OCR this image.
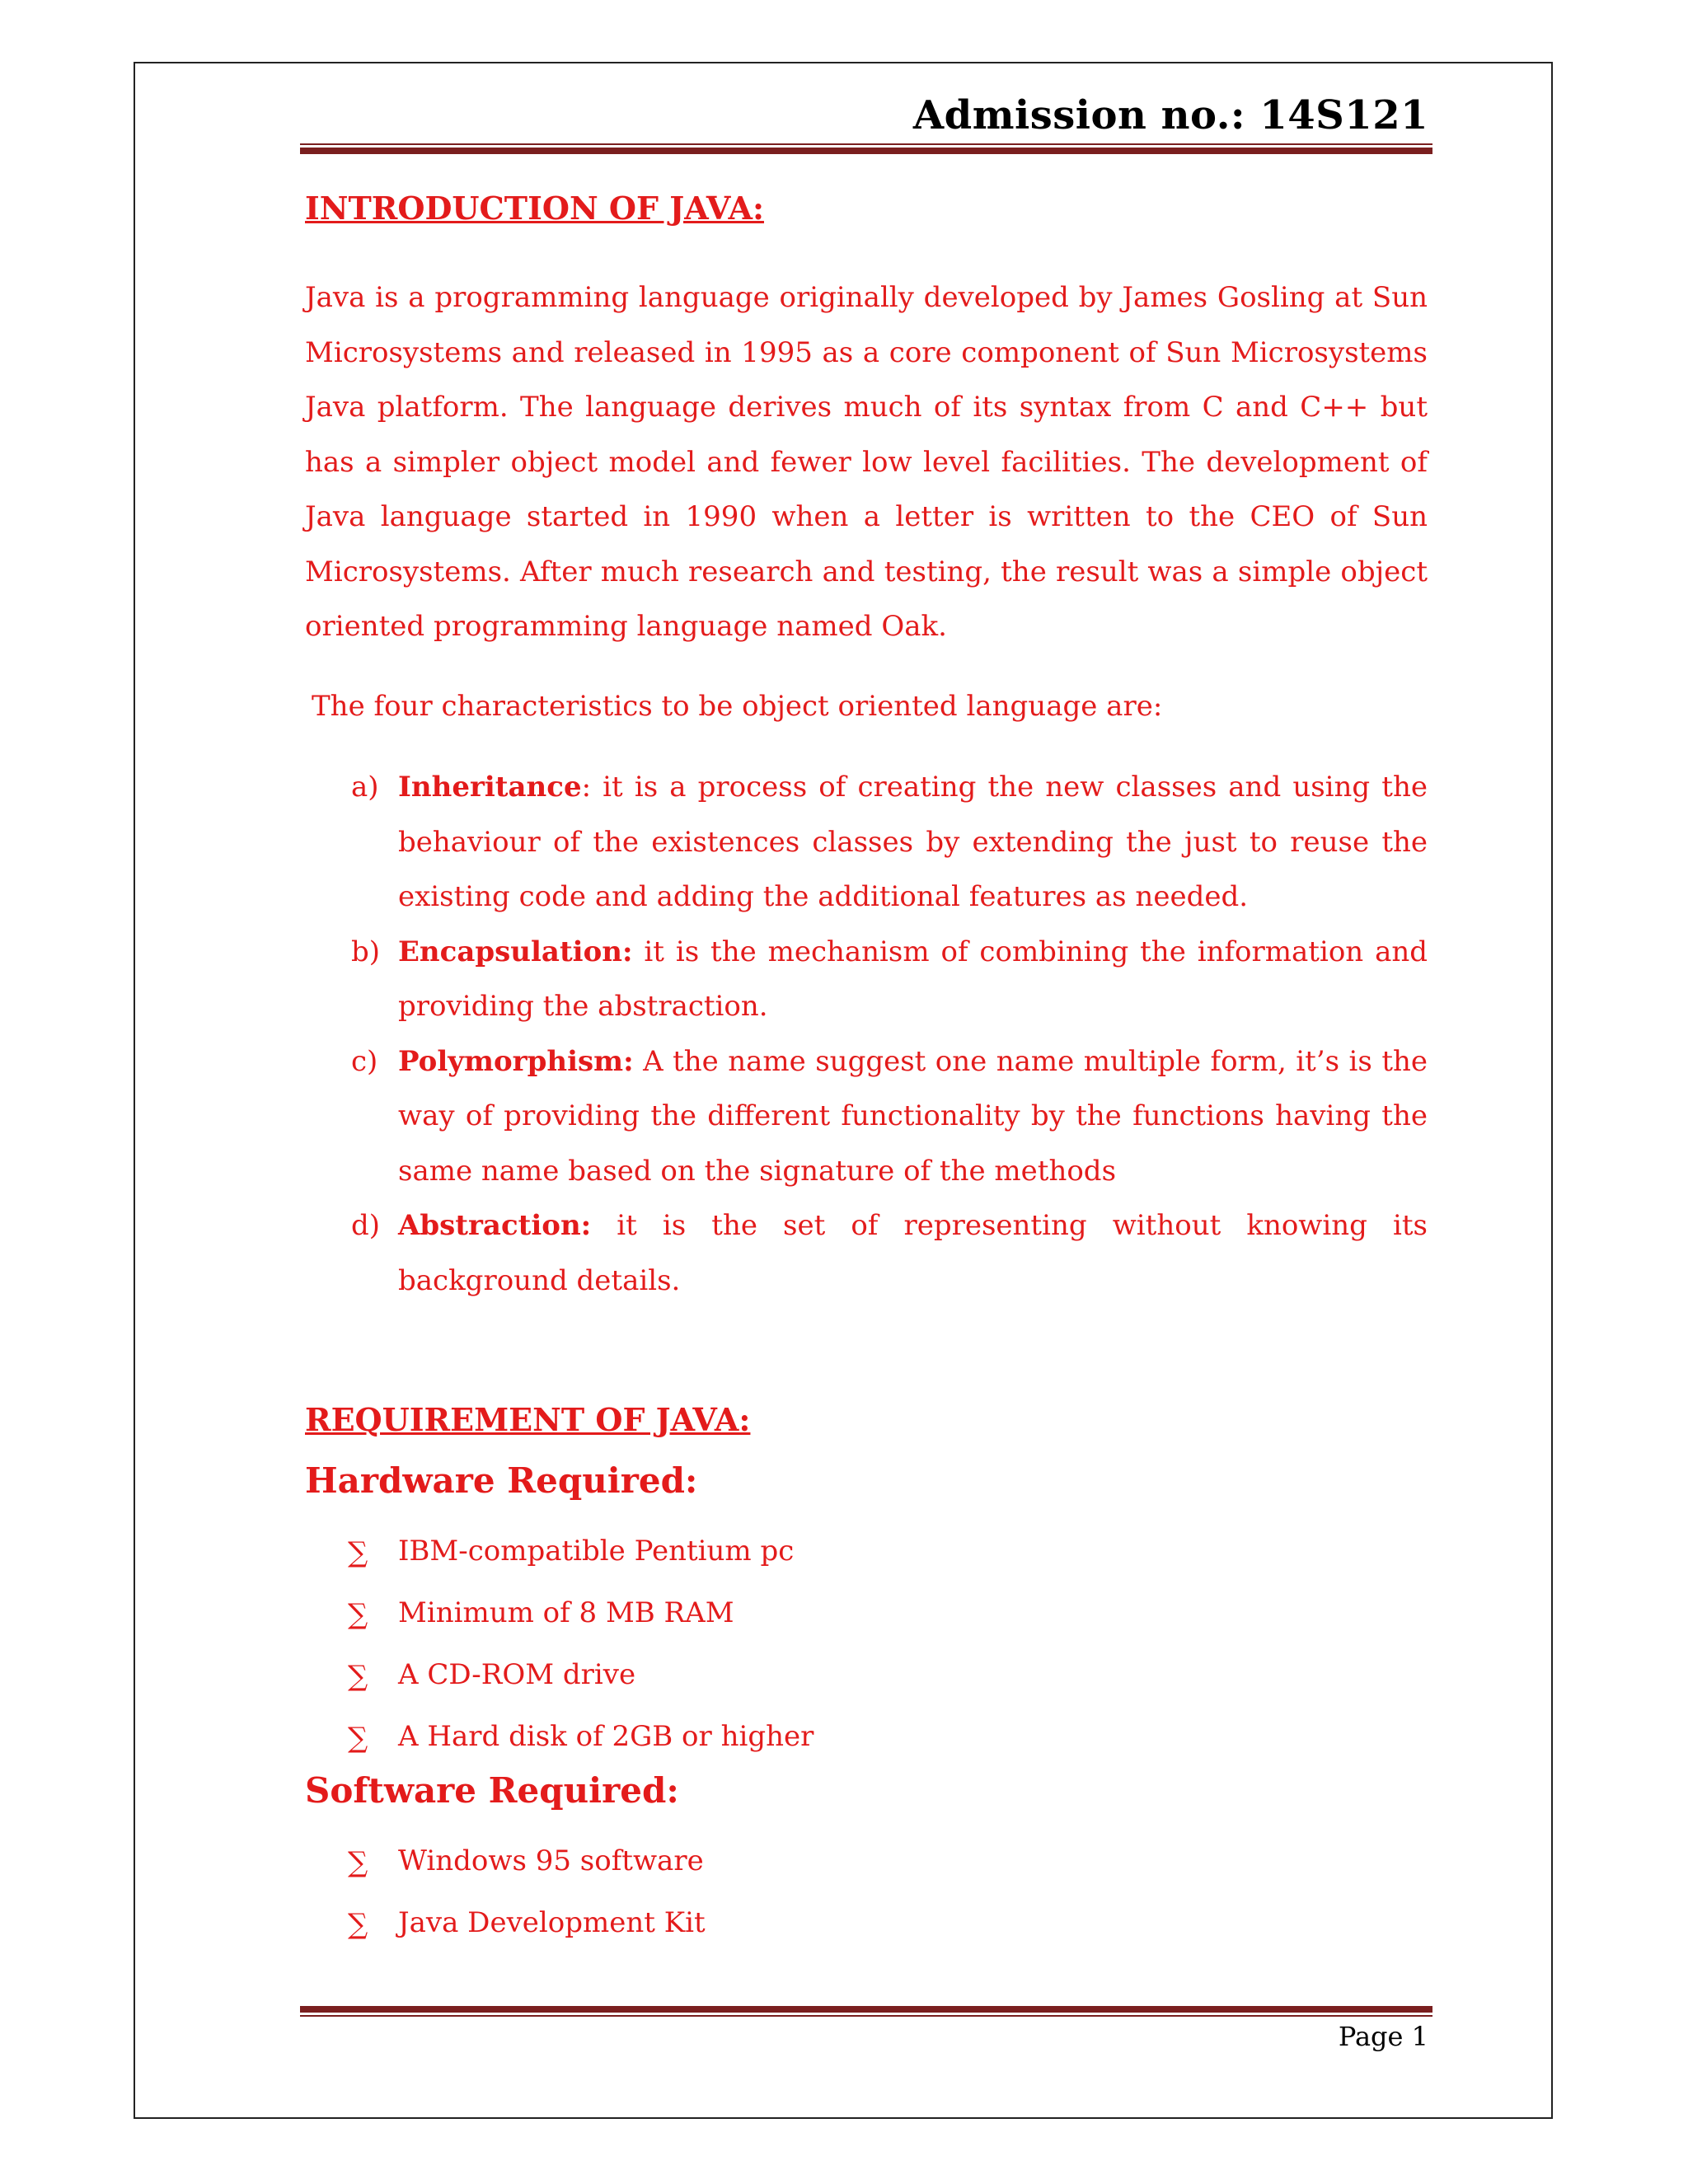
Admission no.: 14S121
INTRODUCTION OF JAVA:
Java is a programming language originally developed by James Gosling at Sun Microsystems and released in 1995 as a core component of Sun Microsystems Java platform. The language derives much of its syntax from C and C++ but has a simpler object model and fewer low level facilities. The development of Java language started in 1990 when a letter is written to the CEO of Sun Microsystems. After much research and testing, the result was a simple object oriented programming language named Oak.
The four characteristics to be object oriented language are:
a) Inheritance: it is a process of creating the new classes and using the behaviour of the existences classes by extending the just to reuse the existing code and adding the additional features as needed.
b) Encapsulation: it is the mechanism of combining the information and providing the abstraction.
c) Polymorphism: A the name suggest one name multiple form, it’s is the way of providing the different functionality by the functions having the same name based on the signature of the methods
d) Abstraction: it is the set of representing without knowing its background details.
REQUIREMENT OF JAVA:
Hardware Required:
∑ IBM-compatible Pentium pc
∑ Minimum of 8 MB RAM
∑ A CD-ROM drive
∑ A Hard disk of 2GB or higher
Software Required:
∑ Windows 95 software
∑ Java Development Kit
Page 1
